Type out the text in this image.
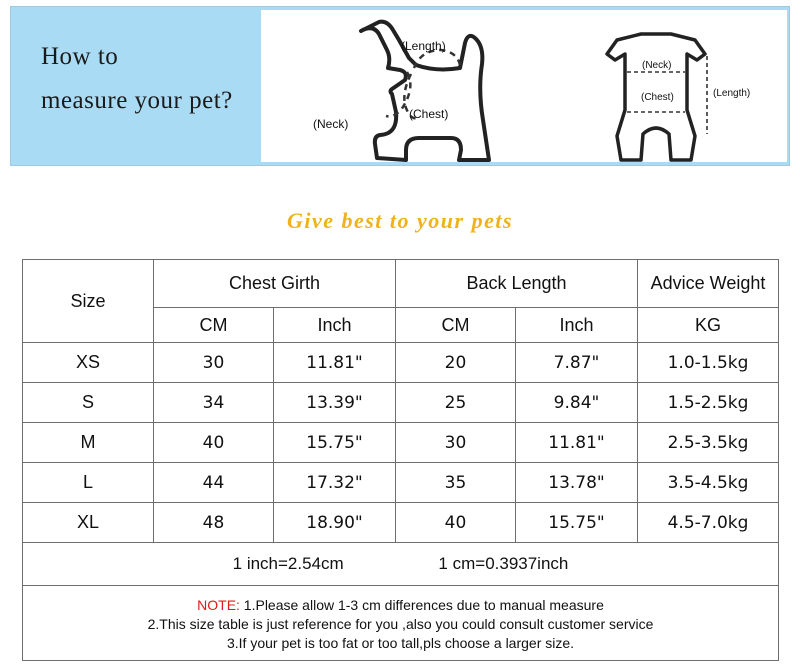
How to
measure your pet?
(Length)
(Neck)
(Chest)
(Neck)
(Chest)	(Length)
Give best to your pets
Size	Chest Girth		Back Length		Advice Weight
	CM	Inch	CM	Inch	KG
XS	30	11.81"	20	7.87"	1.0-1.5kg
S	34	13.39"	25	9.84"	1.5-2.5kg
M	40	15.75"	30	11.81"	2.5-3.5kg
L	44	17.32"	35	13.78"	3.5-4.5kg
XL	48	18.90"	40	15.75"	4.5-7.0kg
1 inch=2.54cm 1 cm=0.3937inch					

NOTE: 1.Please allow 1-3 cm differences due to manual measure
2.This size table is just reference for you ,also you could consult customer service
3.If your pet is too fat or too tall,pls choose a larger size.					
